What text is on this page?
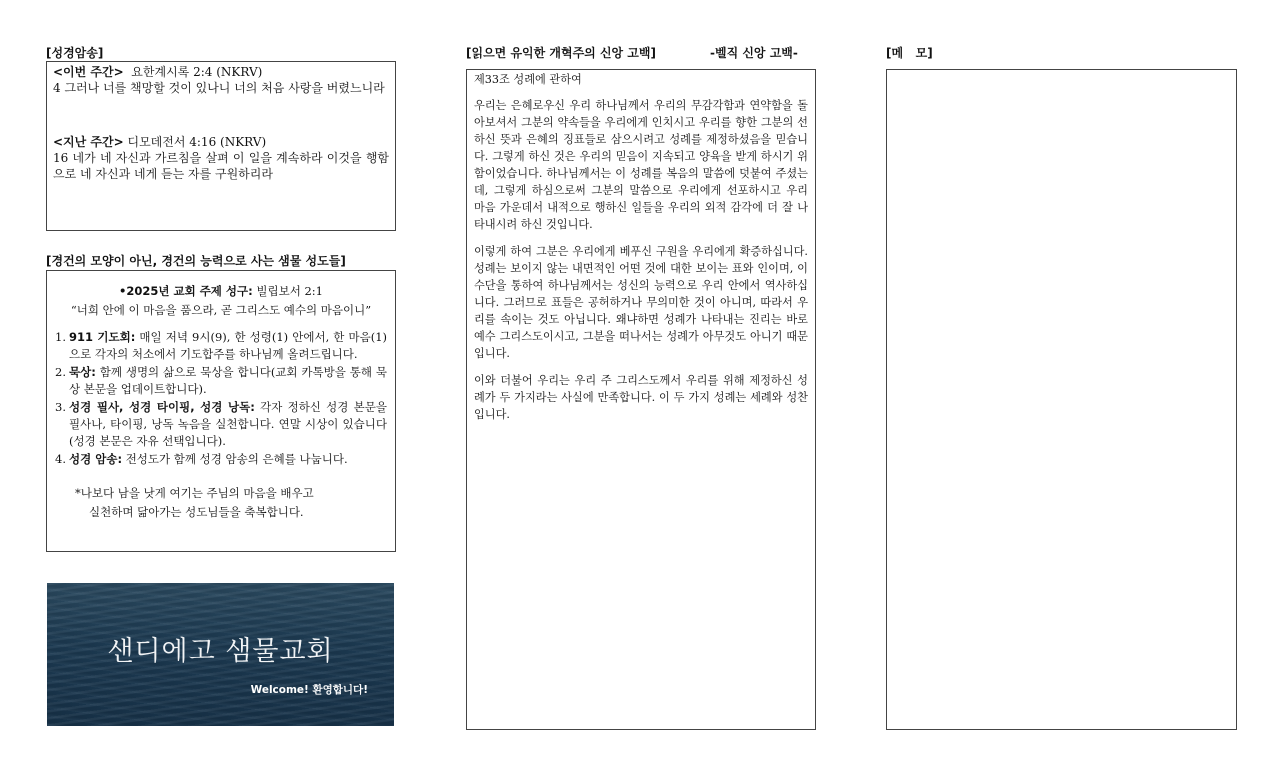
[성경암송]
<이번 주간> 요한계시록 2:4 (NKRV)
4 그러나 너를 책망할 것이 있나니 너의 처음 사랑을 버렸느니라
<지난 주간> 디모데전서 4:16 (NKRV)
16 네가 네 자신과 가르침을 살펴 이 일을 계속하라 이것을 행함으로 네 자신과 네게 듣는 자를 구원하리라
[경건의 모양이 아닌, 경건의 능력으로 사는 샘물 성도들]
•2025년 교회 주제 성구: 빌립보서 2:1
“너희 안에 이 마음을 품으라, 곧 그리스도 예수의 마음이니”
1. 911 기도회: 매일 저녁 9시(9), 한 성령(1) 안에서, 한 마음(1)으로 각자의 처소에서 기도합주를 하나님께 올려드립니다.
2. 묵상: 함께 생명의 삶으로 묵상을 합니다(교회 카톡방을 통해 묵상 본문을 업데이트합니다).
3. 성경 필사, 성경 타이핑, 성경 낭독: 각자 정하신 성경 본문을 필사나, 타이핑, 낭독 녹음을 실천합니다. 연말 시상이 있습니다(성경 본문은 자유 선택입니다).
4. 성경 암송: 전성도가 함께 성경 암송의 은혜를 나눕니다.
*나보다 남을 낫게 여기는 주님의 마음을 배우고
실천하며 닮아가는 성도님들을 축복합니다.
샌디에고 샘물교회
Welcome! 환영합니다!
[읽으면 유익한 개혁주의 신앙 고백]	-벨직 신앙 고백-
제33조 성례에 관하여

우리는 은혜로우신 우리 하나님께서 우리의 무감각함과 연약함을 돌아보셔서 그분의 약속들을 우리에게 인치시고 우리를 향한 그분의 선하신 뜻과 은혜의 징표들로 삼으시려고 성례를 제정하셨음을 믿습니다. 그렇게 하신 것은 우리의 믿음이 지속되고 양육을 받게 하시기 위함이었습니다. 하나님께서는 이 성례를 복음의 말씀에 덧붙여 주셨는데, 그렇게 하심으로써 그분의 말씀으로 우리에게 선포하시고 우리 마음 가운데서 내적으로 행하신 일들을 우리의 외적 감각에 더 잘 나타내시려 하신 것입니다.

이렇게 하여 그분은 우리에게 베푸신 구원을 우리에게 확증하십니다. 성례는 보이지 않는 내면적인 어떤 것에 대한 보이는 표와 인이며, 이 수단을 통하여 하나님께서는 성신의 능력으로 우리 안에서 역사하십니다. 그러므로 표들은 공허하거나 무의미한 것이 아니며, 따라서 우리를 속이는 것도 아닙니다. 왜냐하면 성례가 나타내는 진리는 바로 예수 그리스도이시고, 그분을 떠나서는 성례가 아무것도 아니기 때문입니다.

이와 더불어 우리는 우리 주 그리스도께서 우리를 위해 제정하신 성례가 두 가지라는 사실에 만족합니다. 이 두 가지 성례는 세례와 성찬입니다.

[메   모]
